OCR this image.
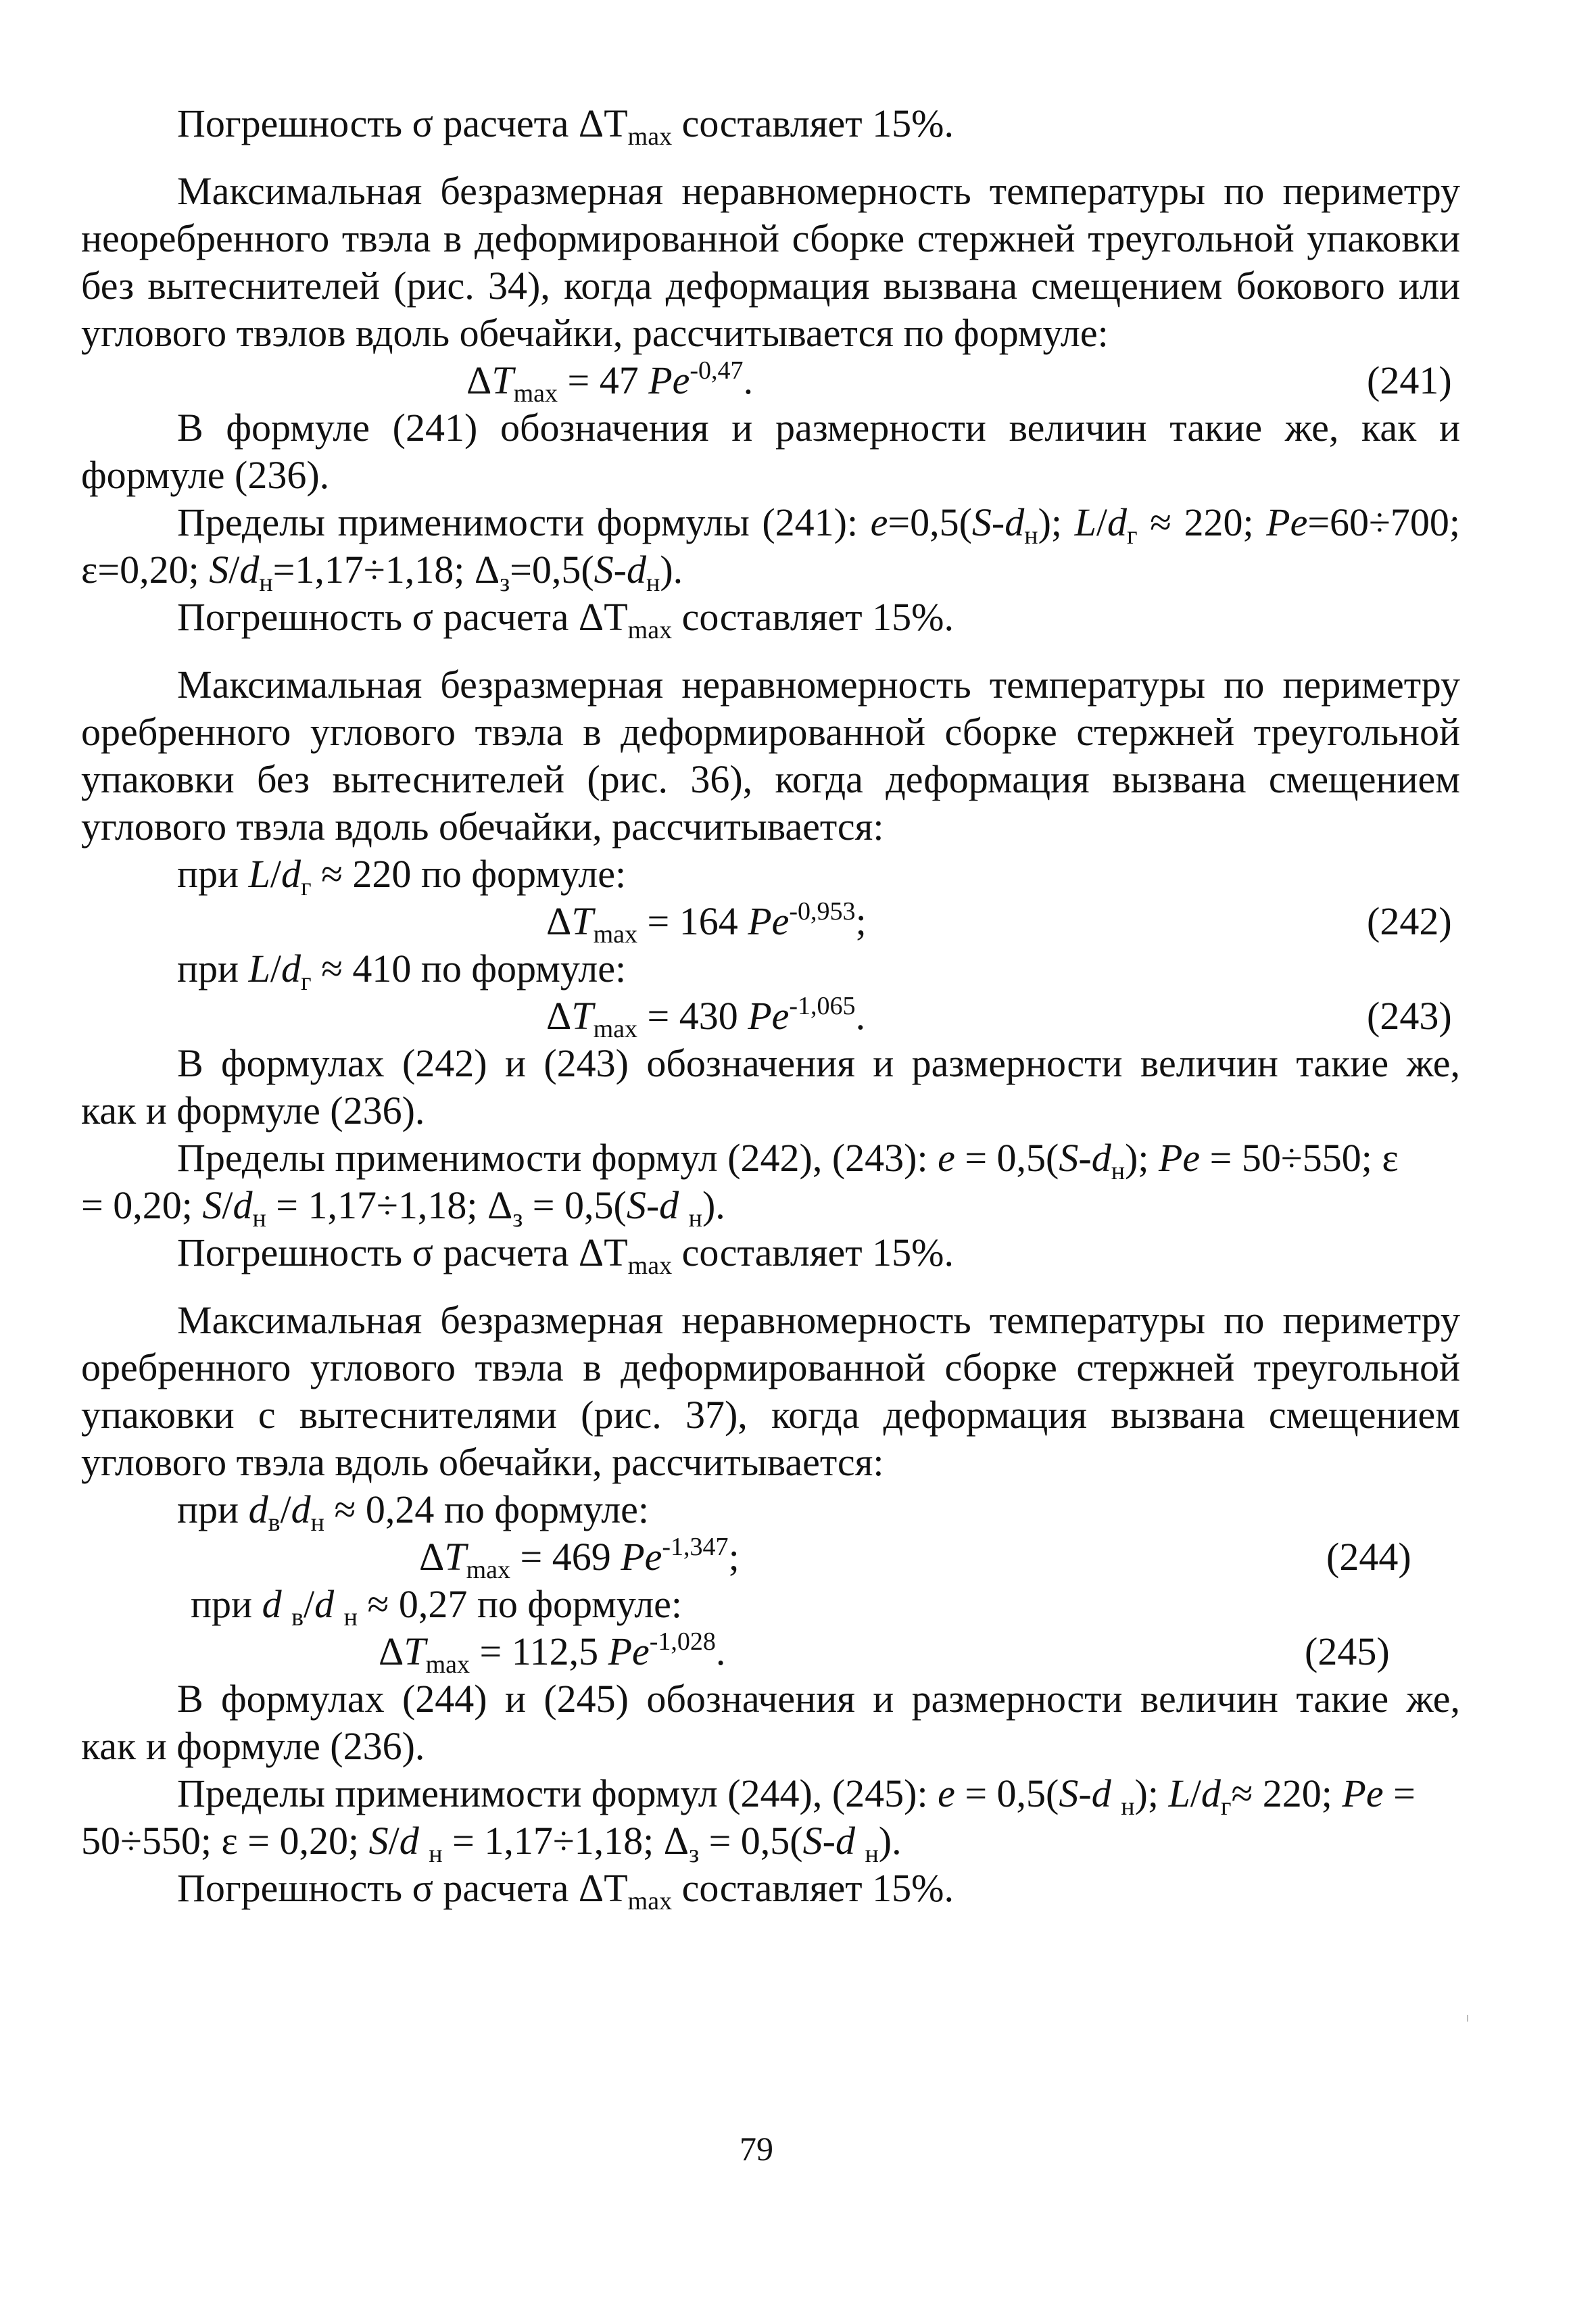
Погрешность σ расчета $\Delta T_{max}$ составляет 15%.
Максимальная безразмерная неравномерность температуры по периметру
неоребренного твэла в деформированной сборке стержней треугольной упаковки
без вытеснителей (рис. 34), когда деформация вызвана смещением бокового или
углового твэлов вдоль обечайки, рассчитывается по формуле:
$\Delta T_{max} = 47$ $Pe^{-0,47}$.	(241)
В формуле (241) обозначения и размерности величин такие же, как и
формуле (236).
Пределы применимости формулы (241): $e=0,5(S-d_н)$; $L/d_г \approx 220$; Pe=60÷700;
ε=0,20; $S/d_н=1,17\div 1,18$; $\Delta_з=0,5(S-d_н)$.
Погрешность σ расчета $\Delta T_{max}$ составляет 15%.
Максимальная безразмерная неравномерность температуры по периметру
оребренного углового твэла в деформированной сборке стержней треугольной
упаковки без вытеснителей (рис. 36), когда деформация вызвана смещением
углового твэла вдоль обечайки, рассчитывается:
при $L/d_г \approx 220$ по формуле:
$\Delta T_{max} = 164$ $Pe^{-0,953}$;	(242)
при $L/d_г \approx 410$ по формуле:
$\Delta T_{max} = 430$ $Pe^{-1,065}$.	(243)
В формулах (242) и (243) обозначения и размерности величин такие же,
как и формуле (236).
Пределы применимости формул (242), (243): $e = 0,5(S-d_н)$; Pe = 50÷550; ε
= 0,20; $S/d_н = 1,17\div 1,18$; $\Delta_з = 0,5(S-d$ $_н$).
Погрешность σ расчета $\Delta T_{max}$ составляет 15%.
Максимальная безразмерная неравномерность температуры по периметру
оребренного углового твэла в деформированной сборке стержней треугольной
упаковки с вытеснителями (рис. 37), когда деформация вызвана смещением
углового твэла вдоль обечайки, рассчитывается:
при $d_в/d_н \approx 0,24$ по формуле:
$\Delta T_{max} = 469$ $Pe^{-1,347}$;	(244)
при d $_в$/d $_н$ ≈ 0,27 по формуле:
$\Delta T_{max} = 112,5$ $Pe^{-1,028}$.	(245)
В формулах (244) и (245) обозначения и размерности величин такие же,
как и формуле (236).
Пределы применимости формул (244), (245): e = 0,5(S-d $_н$); $L/d_г\approx 220$; Pe =
50÷550; ε = 0,20; S/d $_н$ = 1,17÷1,18; $\Delta_з = 0,5(S-d$ $_н$).
Погрешность σ расчета $\Delta T_{max}$ составляет 15%.
79
